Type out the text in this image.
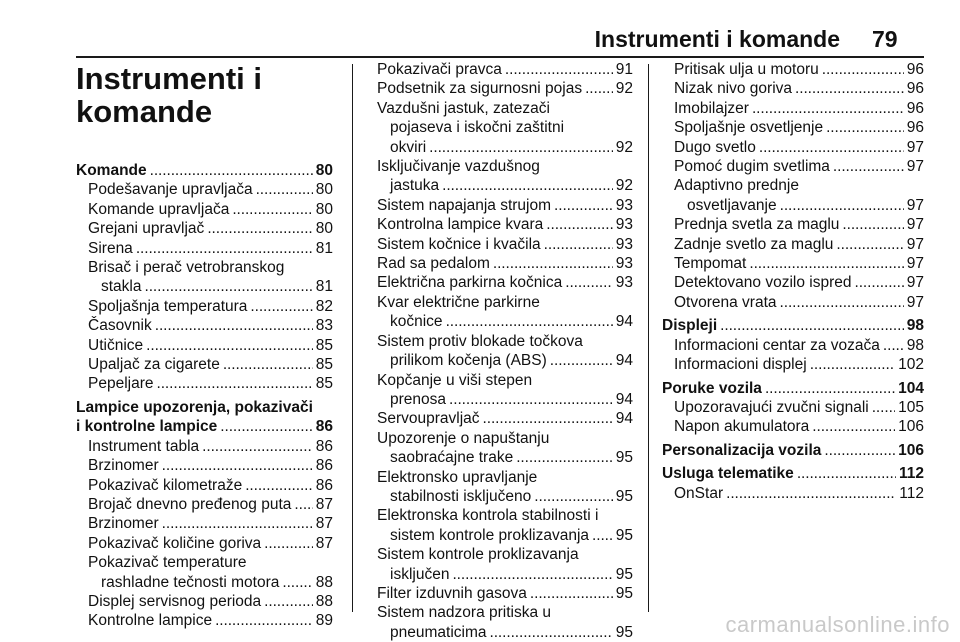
Instrumenti i komande 79
Instrumenti i
komande
Komande . . .	80
Podešavanje upravljača . . .	80
Komande upravljača . . .	80
Grejani upravljač . . .	80
Sirena . . .	81
Brisač i perač vetrobranskog
stakla . . .	81
Spoljašnja temperatura . . .	82
Časovnik . . .	83
Utičnice . . .	85
Upaljač za cigarete . . .	85
Pepeljare . . .	85
Lampice upozorenja, pokazivači
i kontrolne lampice . . .	86
Instrument tabla . . .	86
Brzinomer . . .	86
Pokazivač kilometraže . . .	86
Brojač dnevno pređenog puta . . . 87
Brzinomer . . .	87
Pokazivač količine goriva . . .	87
Pokazivač temperature
rashladne tečnosti motora . . . 88
Displej servisnog perioda . . .	88
Kontrolne lampice . . .	89
Pokazivači pravca . . .	91
Podsetnik za sigurnosni pojas . . . 92
Vazdušni jastuk, zatezači
pojaseva i iskočni zaštitni
okviri . . .	92
Isključivanje vazdušnog
jastuka . . .	92
Sistem napajanja strujom . . .	93
Kontrolna lampice kvara . . .	93
Sistem kočnice i kvačila . . .	93
Rad sa pedalom . . .	93
Električna parkirna kočnica . . .	93
Kvar električne parkirne
kočnice . . .	94
Sistem protiv blokade točkova
prilikom kočenja (ABS) . . .	94
Kopčanje u viši stepen
prenosa . . .	94
Servoupravljač . . .	94
Upozorenje o napuštanju
saobraćajne trake . . .	95
Elektronsko upravljanje
stabilnosti isključeno . . .	95
Elektronska kontrola stabilnosti i
sistem kontrole proklizavanja . . . 95
Sistem kontrole proklizavanja
isključen . . .	95
Filter izduvnih gasova . . .	95
Sistem nadzora pritiska u
pneumaticima . . .	95
Pritisak ulja u motoru . . .	96
Nizak nivo goriva . . .	96
Imobilajzer . . .	96
Spoljašnje osvetljenje . . .	96
Dugo svetlo . . .	97
Pomoć dugim svetlima . . .	97
Adaptivno prednje
osvetljavanje . . .	97
Prednja svetla za maglu . . .	97
Zadnje svetlo za maglu . . .	97
Tempomat . . .	97
Detektovano vozilo ispred . . .	97
Otvorena vrata . . .	97
Displeji . . .	98
Informacioni centar za vozača . . . 98
Informacioni displej . . .	102
Poruke vozila . . .	104
Upozoravajući zvučni signali . . . 105
Napon akumulatora . . .	106
Personalizacija vozila . . .	106
Usluga telematike . . .	112
OnStar . . .	112
carmanualsonline.info
